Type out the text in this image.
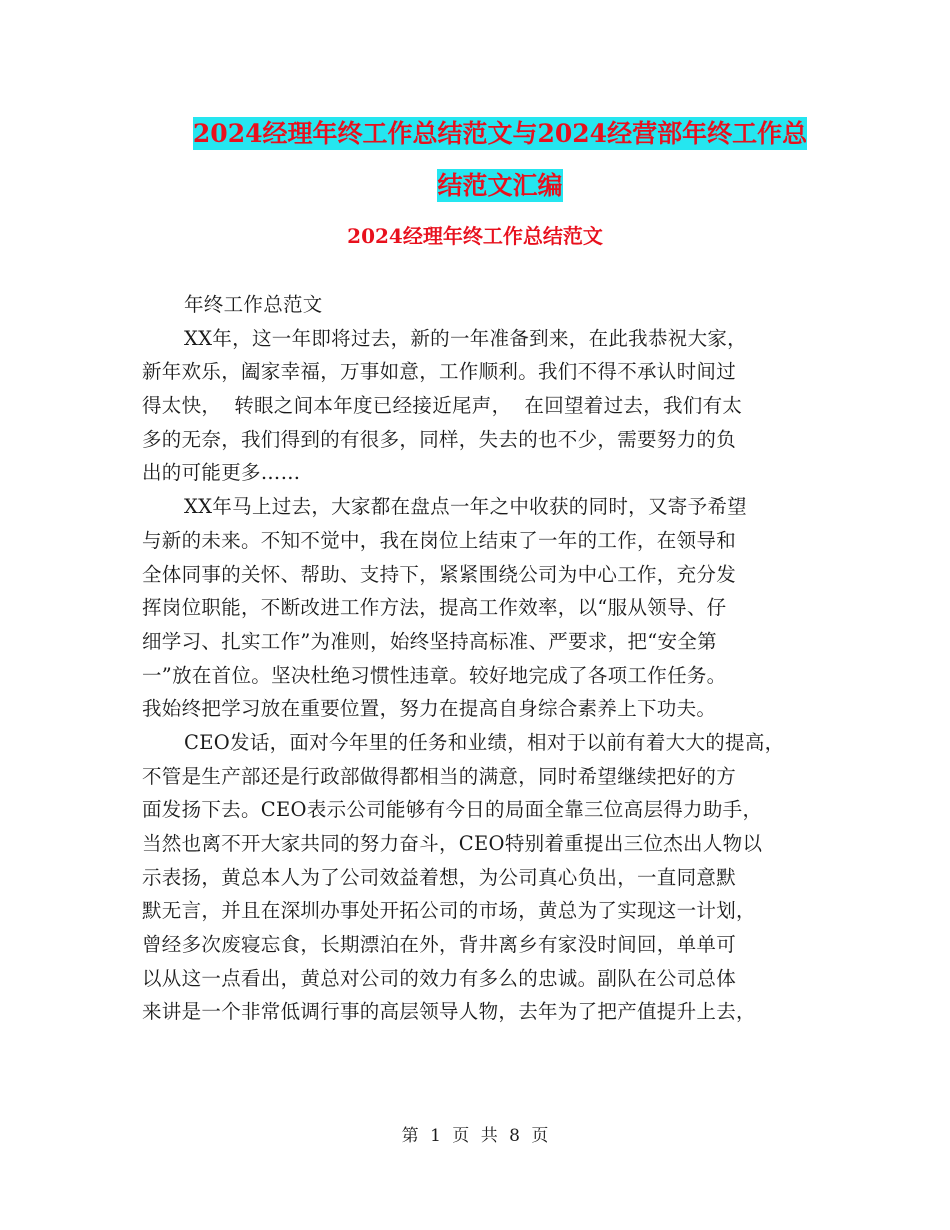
2024经理年终工作总结范文与2024经营部年终工作总
结范文汇编
2024经理年终工作总结范文
年终工作总范文
XX年，这一年即将过去，新的一年准备到来，在此我恭祝大家，
新年欢乐，阖家幸福，万事如意，工作顺利。我们不得不承认时间过
得太快，  转眼之间本年度已经接近尾声，  在回望着过去，我们有太
多的无奈，我们得到的有很多，同样，失去的也不少，需要努力的负
出的可能更多……
XX年马上过去，大家都在盘点一年之中收获的同时，又寄予希望
与新的未来。不知不觉中，我在岗位上结束了一年的工作，在领导和
全体同事的关怀、帮助、支持下，紧紧围绕公司为中心工作，充分发
挥岗位职能，不断改进工作方法，提高工作效率，以“服从领导、仔
细学习、扎实工作”为准则，始终坚持高标准、严要求，把“安全第
一”放在首位。坚决杜绝习惯性违章。较好地完成了各项工作任务。
我始终把学习放在重要位置，努力在提高自身综合素养上下功夫。
CEO发话，面对今年里的任务和业绩，相对于以前有着大大的提高，
不管是生产部还是行政部做得都相当的满意，同时希望继续把好的方
面发扬下去。CEO表示公司能够有今日的局面全靠三位高层得力助手，
当然也离不开大家共同的努力奋斗，CEO特别着重提出三位杰出人物以
示表扬，黄总本人为了公司效益着想，为公司真心负出，一直同意默
默无言，并且在深圳办事处开拓公司的市场，黄总为了实现这一计划，
曾经多次废寝忘食，长期漂泊在外，背井离乡有家没时间回，单单可
以从这一点看出，黄总对公司的效力有多么的忠诚。副队在公司总体
来讲是一个非常低调行事的高层领导人物，去年为了把产值提升上去，
第 1 页 共 8 页
